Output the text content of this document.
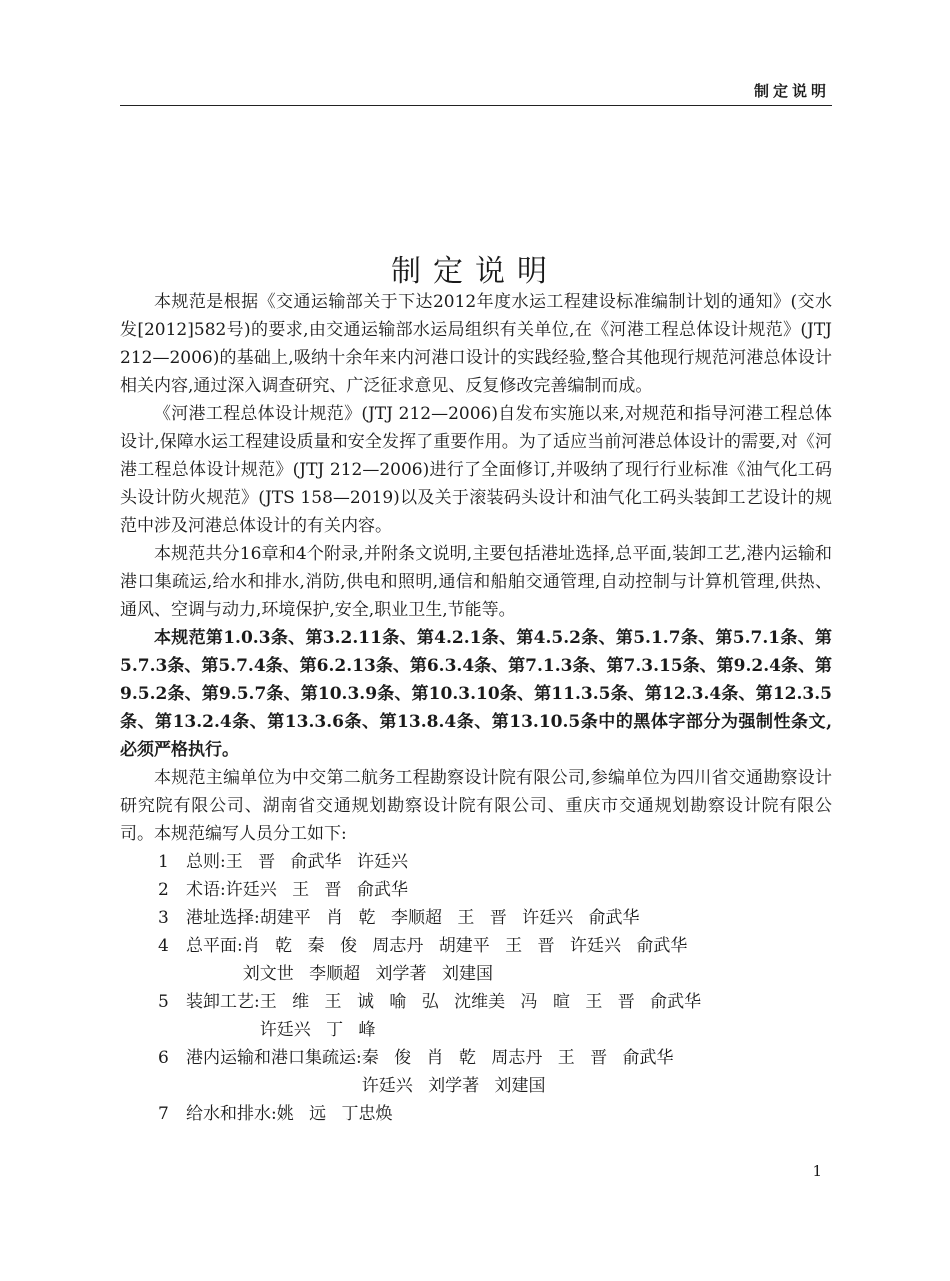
制定说明
制定说明

本规范是根据《交通运输部关于下达2012年度水运工程建设标准编制计划的通知》(交水发[2012]582号)的要求,由交通运输部水运局组织有关单位,在《河港工程总体设计规范》(JTJ 212—2006)的基础上,吸纳十余年来内河港口设计的实践经验,整合其他现行规范河港总体设计相关内容,通过深入调查研究、广泛征求意见、反复修改完善编制而成。

《河港工程总体设计规范》(JTJ 212—2006)自发布实施以来,对规范和指导河港工程总体设计,保障水运工程建设质量和安全发挥了重要作用。为了适应当前河港总体设计的需要,对《河港工程总体设计规范》(JTJ 212—2006)进行了全面修订,并吸纳了现行行业标准《油气化工码头设计防火规范》(JTS 158—2019)以及关于滚装码头设计和油气化工码头装卸工艺设计的规范中涉及河港总体设计的有关内容。

本规范共分16章和4个附录,并附条文说明,主要包括港址选择,总平面,装卸工艺,港内运输和港口集疏运,给水和排水,消防,供电和照明,通信和船舶交通管理,自动控制与计算机管理,供热、通风、空调与动力,环境保护,安全,职业卫生,节能等。

本规范第1.0.3条、第3.2.11条、第4.2.1条、第4.5.2条、第5.1.7条、第5.7.1条、第5.7.3条、第5.7.4条、第6.2.13条、第6.3.4条、第7.1.3条、第7.3.15条、第9.2.4条、第9.5.2条、第9.5.7条、第10.3.9条、第10.3.10条、第11.3.5条、第12.3.4条、第12.3.5条、第13.2.4条、第13.3.6条、第13.8.4条、第13.10.5条中的黑体字部分为强制性条文,必须严格执行。

本规范主编单位为中交第二航务工程勘察设计院有限公司,参编单位为四川省交通勘察设计研究院有限公司、湖南省交通规划勘察设计院有限公司、重庆市交通规划勘察设计院有限公司。本规范编写人员分工如下:

1	总则: 王 晋 俞武华 许廷兴
2	术语: 许廷兴 王 晋 俞武华
3	港址选择: 胡建平 肖 乾 李顺超 王 晋 许廷兴 俞武华
4	总平面: 肖 乾 秦 俊 周志丹 胡建平 王 晋 许廷兴 俞武华
刘文世 李顺超 刘学著 刘建国
5	装卸工艺: 王 维 王 诚 喻 弘 沈维美 冯 暄 王 晋 俞武华
许廷兴 丁 峰
6	港内运输和港口集疏运: 秦 俊 肖 乾 周志丹 王 晋 俞武华
许廷兴 刘学著 刘建国
7	给水和排水: 姚 远 丁忠焕
1
